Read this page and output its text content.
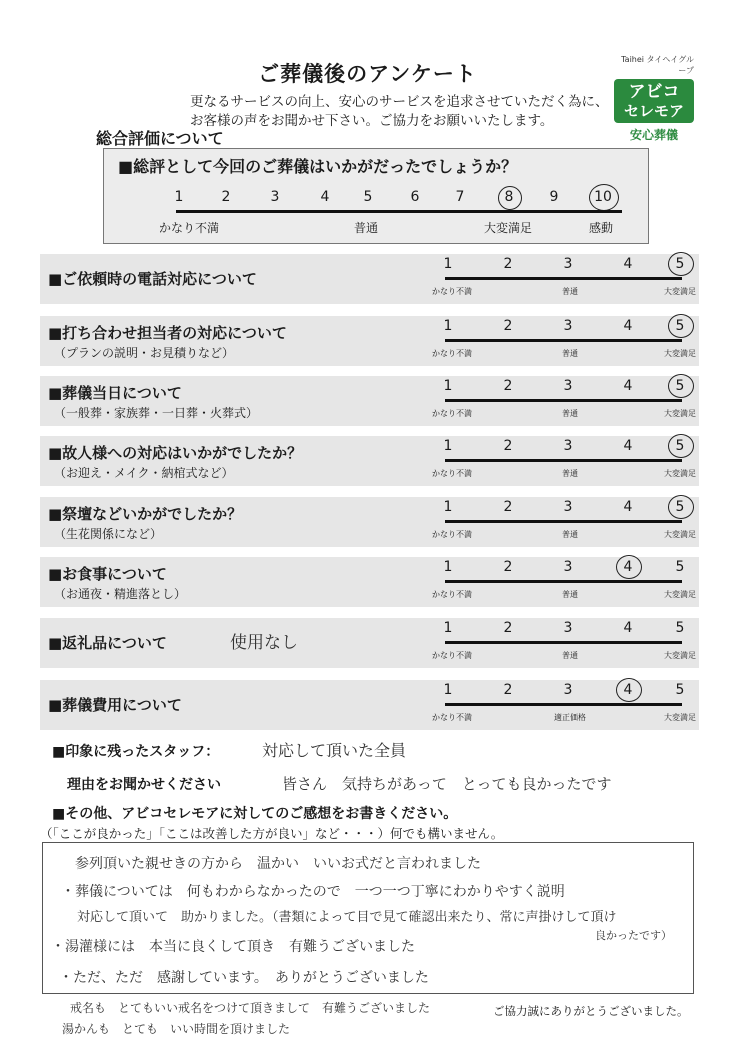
ご葬儀後のアンケート
更なるサービスの向上、安心のサービスを追求させていただく為に、
お客様の声をお聞かせ下さい。ご協力をお願いいたします。
Taihei タイヘイグループ
アビコ
セレモア
安心葬儀
総合評価について
■総評として今回のご葬儀はいかがだったでしょうか？
1	2	3	4	5	6	7	8	9	10
かなり不満	普通	大変満足	感動
■ご依頼時の電話対応について
1	2	3	4	5
かなり不満	普通	大変満足
■打ち合わせ担当者の対応について
（プランの説明・お見積りなど）
1	2	3	4	5
かなり不満	普通	大変満足
■葬儀当日について
（一般葬・家族葬・一日葬・火葬式）
1	2	3	4	5
かなり不満	普通	大変満足
■故人様への対応はいかがでしたか？
（お迎え・メイク・納棺式など）
1	2	3	4	5
かなり不満	普通	大変満足
■祭壇などいかがでしたか？
（生花関係になど）
1	2	3	4	5
かなり不満	普通	大変満足
■お食事について
（お通夜・精進落とし）
1	2	3	4	5
かなり不満	普通	大変満足
■返礼品について	使用なし
1	2	3	4	5
かなり不満	普通	大変満足
■葬儀費用について
1	2	3	4	5
かなり不満	適正価格	大変満足
■印象に残ったスタッフ：	対応して頂いた全員
理由をお聞かせください	皆さん　気持ちがあって　とっても良かったです
■その他、アビコセレモアに対してのご感想をお書きください。
（「ここが良かった」「ここは改善した方が良い」など・・・）何でも構いません。
参列頂いた親せきの方から　温かい　いいお式だと言われました
・葬儀については　何もわからなかったので　一つ一つ丁寧にわかりやすく説明
対応して頂いて　助かりました。（書類によって目で見て確認出来たり、常に声掛けして頂け
良かったです）
・湯灌様には　本当に良くして頂き　有難うございました
・ただ、ただ　感謝しています。　ありがとうございました
戒名も　とてもいい戒名をつけて頂きまして　有難うございました
湯かんも　とても　いい時間を頂けました
ご協力誠にありがとうございました。
